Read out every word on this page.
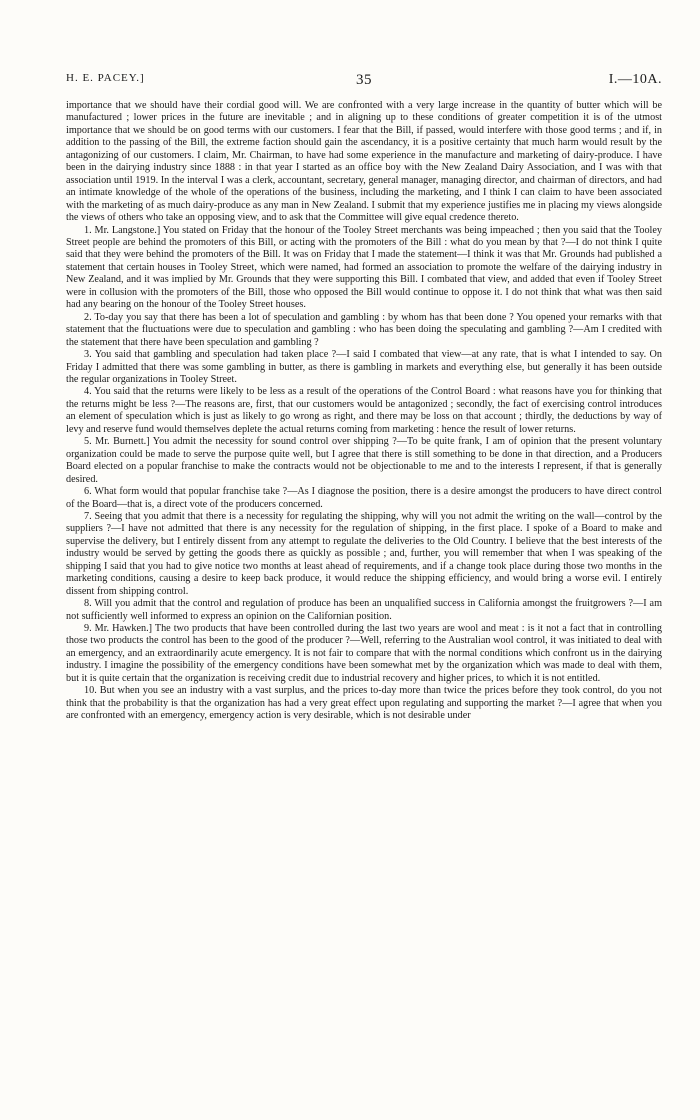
H. E. PACEY.]	35	I.—10A.

importance that we should have their cordial good will. We are confronted with a very large increase in the quantity of butter which will be manufactured ; lower prices in the future are inevitable ; and in aligning up to these conditions of greater competition it is of the utmost importance that we should be on good terms with our customers. I fear that the Bill, if passed, would interfere with those good terms ; and if, in addition to the passing of the Bill, the extreme faction should gain the ascendancy, it is a positive certainty that much harm would result by the antagonizing of our customers. I claim, Mr. Chairman, to have had some experience in the manufacture and marketing of dairy-produce. I have been in the dairying industry since 1888 : in that year I started as an office boy with the New Zealand Dairy Association, and I was with that association until 1919. In the interval I was a clerk, accountant, secretary, general manager, managing director, and chairman of directors, and had an intimate knowledge of the whole of the operations of the business, including the marketing, and I think I can claim to have been associated with the marketing of as much dairy-produce as any man in New Zealand. I submit that my experience justifies me in placing my views alongside the views of others who take an opposing view, and to ask that the Committee will give equal credence thereto.

1. Mr. Langstone.] You stated on Friday that the honour of the Tooley Street merchants was being impeached ; then you said that the Tooley Street people are behind the promoters of this Bill, or acting with the promoters of the Bill : what do you mean by that ?—I do not think I quite said that they were behind the promoters of the Bill. It was on Friday that I made the statement—I think it was that Mr. Grounds had published a statement that certain houses in Tooley Street, which were named, had formed an association to promote the welfare of the dairying industry in New Zealand, and it was implied by Mr. Grounds that they were supporting this Bill. I combated that view, and added that even if Tooley Street were in collusion with the promoters of the Bill, those who opposed the Bill would continue to oppose it. I do not think that what was then said had any bearing on the honour of the Tooley Street houses.

2. To-day you say that there has been a lot of speculation and gambling : by whom has that been done ? You opened your remarks with that statement that the fluctuations were due to speculation and gambling : who has been doing the speculating and gambling ?—Am I credited with the statement that there have been speculation and gambling ?

3. You said that gambling and speculation had taken place ?—I said I combated that view—at any rate, that is what I intended to say. On Friday I admitted that there was some gambling in butter, as there is gambling in markets and everything else, but generally it has been outside the regular organizations in Tooley Street.

4. You said that the returns were likely to be less as a result of the operations of the Control Board : what reasons have you for thinking that the returns might be less ?—The reasons are, first, that our customers would be antagonized ; secondly, the fact of exercising control introduces an element of speculation which is just as likely to go wrong as right, and there may be loss on that account ; thirdly, the deductions by way of levy and reserve fund would themselves deplete the actual returns coming from marketing : hence the result of lower returns.

5. Mr. Burnett.] You admit the necessity for sound control over shipping ?—To be quite frank, I am of opinion that the present voluntary organization could be made to serve the purpose quite well, but I agree that there is still something to be done in that direction, and a Producers Board elected on a popular franchise to make the contracts would not be objectionable to me and to the interests I represent, if that is generally desired.

6. What form would that popular franchise take ?—As I diagnose the position, there is a desire amongst the producers to have direct control of the Board—that is, a direct vote of the producers concerned.

7. Seeing that you admit that there is a necessity for regulating the shipping, why will you not admit the writing on the wall—control by the suppliers ?—I have not admitted that there is any necessity for the regulation of shipping, in the first place. I spoke of a Board to make and supervise the delivery, but I entirely dissent from any attempt to regulate the deliveries to the Old Country. I believe that the best interests of the industry would be served by getting the goods there as quickly as possible ; and, further, you will remember that when I was speaking of the shipping I said that you had to give notice two months at least ahead of requirements, and if a change took place during those two months in the marketing conditions, causing a desire to keep back produce, it would reduce the shipping efficiency, and would bring a worse evil. I entirely dissent from shipping control.

8. Will you admit that the control and regulation of produce has been an unqualified success in California amongst the fruitgrowers ?—I am not sufficiently well informed to express an opinion on the Californian position.

9. Mr. Hawken.] The two products that have been controlled during the last two years are wool and meat : is it not a fact that in controlling those two products the control has been to the good of the producer ?—Well, referring to the Australian wool control, it was initiated to deal with an emergency, and an extraordinarily acute emergency. It is not fair to compare that with the normal conditions which confront us in the dairying industry. I imagine the possibility of the emergency conditions have been somewhat met by the organization which was made to deal with them, but it is quite certain that the organization is receiving credit due to industrial recovery and higher prices, to which it is not entitled.

10. But when you see an industry with a vast surplus, and the prices to-day more than twice the prices before they took control, do you not think that the probability is that the organization has had a very great effect upon regulating and supporting the market ?—I agree that when you are confronted with an emergency, emergency action is very desirable, which is not desirable under
